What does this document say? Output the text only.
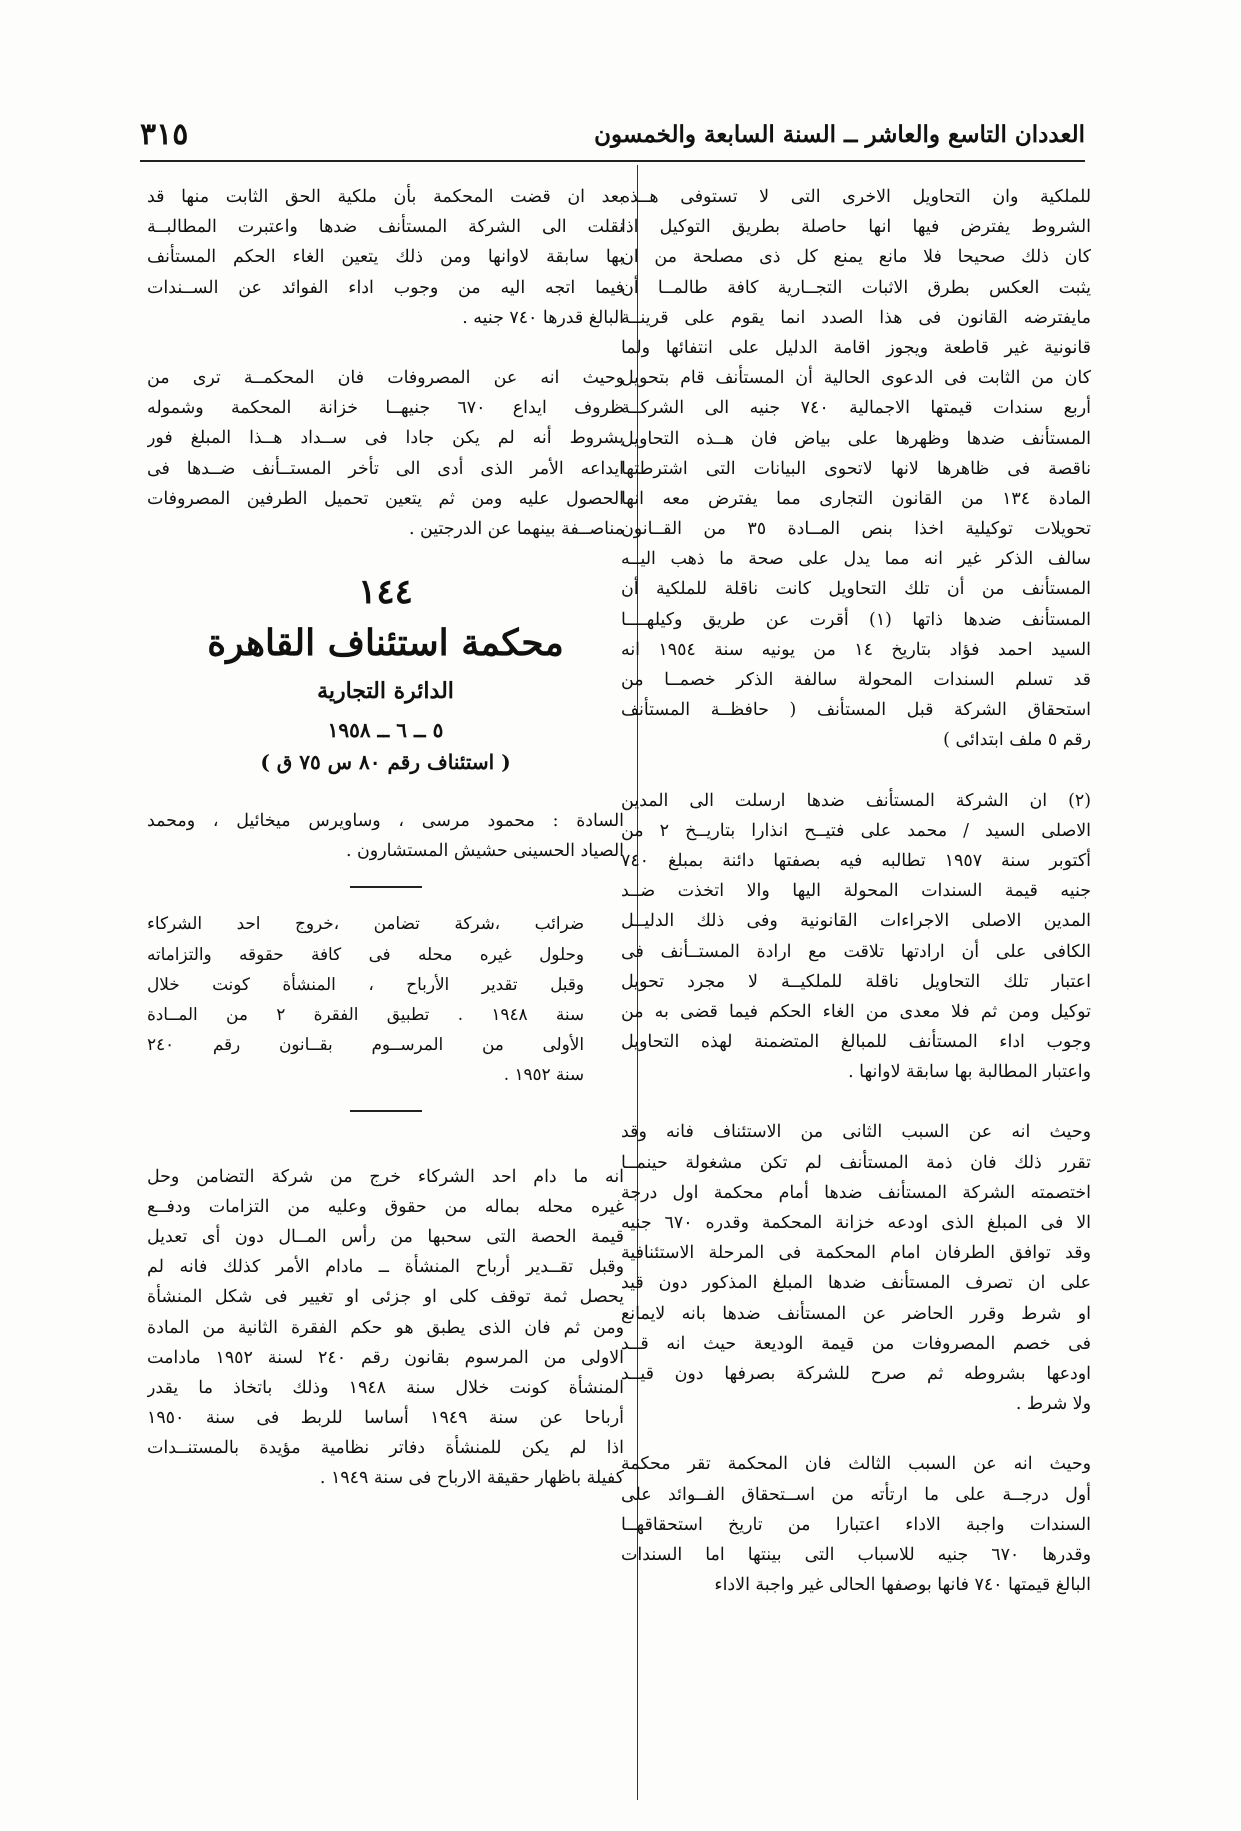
العددان التاسع والعاشر ــ السنة السابعة والخمسون
٣١٥
للملكية وان التحاويل الاخرى التى لا تستوفى هــذه
الشروط يفترض فيها انها حاصلة بطريق التوكيل اذا
كان ذلك صحيحا فلا مانع يمنع كل ذى مصلحة من ان
يثبت العكس بطرق الاثبات التجــارية كافة طالمــا أن
مايفترضه القانون فى هذا الصدد انما يقوم على قرينــة
قانونية غير قاطعة ويجوز اقامة الدليل على انتفائها ولما
كان من الثابت فى الدعوى الحالية أن المستأنف قام بتحويل
أربع سندات قيمتها الاجمالية ٧٤٠ جنيه الى الشركــة
المستأنف ضدها وظهرها على بياض فان هــذه التحاويل
ناقصة فى ظاهرها لانها لاتحوى البيانات التى اشترطتها
المادة ١٣٤ من القانون التجارى مما يفترض معه انها
تحويلات توكيلية اخذا بنص المــادة ٣٥ من القــانون
سالف الذكر غير انه مما يدل على صحة ما ذهب اليــه
المستأنف من أن تلك التحاويل كانت ناقلة للملكية أن
المستأنف ضدها ذاتها (١) أقرت عن طريق وكيلهــــا
السيد احمد فؤاد بتاريخ ١٤ من يونيه سنة ١٩٥٤ انه
قد تسلم السندات المحولة سالفة الذكر خصمــا من
استحقاق الشركة قبل المستأنف ( حافظــة المستأنف
رقم ٥ ملف ابتدائى )
(٢) ان الشركة المستأنف ضدها ارسلت الى المدين
الاصلى السيد / محمد على فتيــح انذارا بتاريــخ ٢ من
أكتوبر سنة ١٩٥٧ تطالبه فيه بصفتها دائنة بمبلغ ٧٤٠
جنيه قيمة السندات المحولة اليها والا اتخذت ضــد
المدين الاصلى الاجراءات القانونية وفى ذلك الدليــل
الكافى على أن ارادتها تلاقت مع ارادة المستــأنف فى
اعتبار تلك التحاويل ناقلة للملكيــة لا مجرد تحويل
توكيل ومن ثم فلا معدى من الغاء الحكم فيما قضى به من
وجوب اداء المستأنف للمبالغ المتضمنة لهذه التحاويل
واعتبار المطالبة بها سابقة لاوانها .
وحيث انه عن السبب الثانى من الاستئناف فانه وقد
تقرر ذلك فان ذمة المستأنف لم تكن مشغولة حينمــا
اختصمته الشركة المستأنف ضدها أمام محكمة اول درجة
الا فى المبلغ الذى اودعه خزانة المحكمة وقدره ٦٧٠ جنيه
وقد توافق الطرفان امام المحكمة فى المرحلة الاستئنافية
على ان تصرف المستأنف ضدها المبلغ المذكور دون قيد
او شرط وقرر الحاضر عن المستأنف ضدها بانه لايمانع
فى خصم المصروفات من قيمة الوديعة حيث انه قــد
اودعها بشروطه ثم صرح للشركة بصرفها دون قيــد
ولا شرط .
وحيث انه عن السبب الثالث فان المحكمة تقر محكمة
أول درجــة على ما ارتأته من اســتحقاق الفــوائد على
السندات واجبة الاداء اعتبارا من تاريخ استحقاقهــا
وقدرها ٦٧٠ جنيه للاسباب التى بينتها اما السندات
البالغ قيمتها ٧٤٠ فانها بوصفها الحالى غير واجبة الاداء
بعد ان قضت المحكمة بأن ملكية الحق الثابت منها قد
نقلت الى الشركة المستأنف ضدها واعتبرت المطالبــة
بها سابقة لاوانها ومن ذلك يتعين الغاء الحكم المستأنف
فيما اتجه اليه من وجوب اداء الفوائد عن الســندات
البالغ قدرها ٧٤٠ جنيه .
وحيث انه عن المصروفات فان المحكمــة ترى من
ظروف ايداع ٦٧٠ جنيهــا خزانة المحكمة وشموله
بشروط أنه لم يكن جادا فى ســداد هــذا المبلغ فور
ايداعه الأمر الذى أدى الى تأخر المستــأنف ضــدها فى
الحصول عليه ومن ثم يتعين تحميل الطرفين المصروفات
مناصــفة بينهما عن الدرجتين .
١٤٤
محكمة استئناف القاهرة
الدائرة التجارية
٥ ــ ٦ ــ ١٩٥٨
( استئناف رقم ٨٠ س ٧٥ ق )
السادة : محمود مرسى ، وساويرس ميخائيل ، ومحمد
الصياد الحسينى حشيش المستشارون .
ضرائب ،شركة تضامن ،خروج احد الشركاء
وحلول غيره محله فى كافة حقوقه والتزاماته
وقبل تقدير الأرباح ، المنشأة كونت خلال
سنة ١٩٤٨ . تطبيق الفقرة ٢ من المــادة
الأولى من المرســوم بقــانون رقم ٢٤٠
سنة ١٩٥٢ .
انه ما دام احد الشركاء خرج من شركة التضامن وحل
غيره محله بماله من حقوق وعليه من التزامات ودفــع
قيمة الحصة التى سحبها من رأس المــال دون أى تعديل
وقبل تقــدير أرباح المنشأة ــ مادام الأمر كذلك فانه لم
يحصل ثمة توقف كلى او جزئى او تغيير فى شكل المنشأة
ومن ثم فان الذى يطبق هو حكم الفقرة الثانية من المادة
الاولى من المرسوم بقانون رقم ٢٤٠ لسنة ١٩٥٢ مادامت
المنشأة كونت خلال سنة ١٩٤٨ وذلك باتخاذ ما يقدر
أرباحا عن سنة ١٩٤٩ أساسا للربط فى سنة ١٩٥٠
اذا لم يكن للمنشأة دفاتر نظامية مؤيدة بالمستنــدات
كفيلة باظهار حقيقة الارباح فى سنة ١٩٤٩ .
